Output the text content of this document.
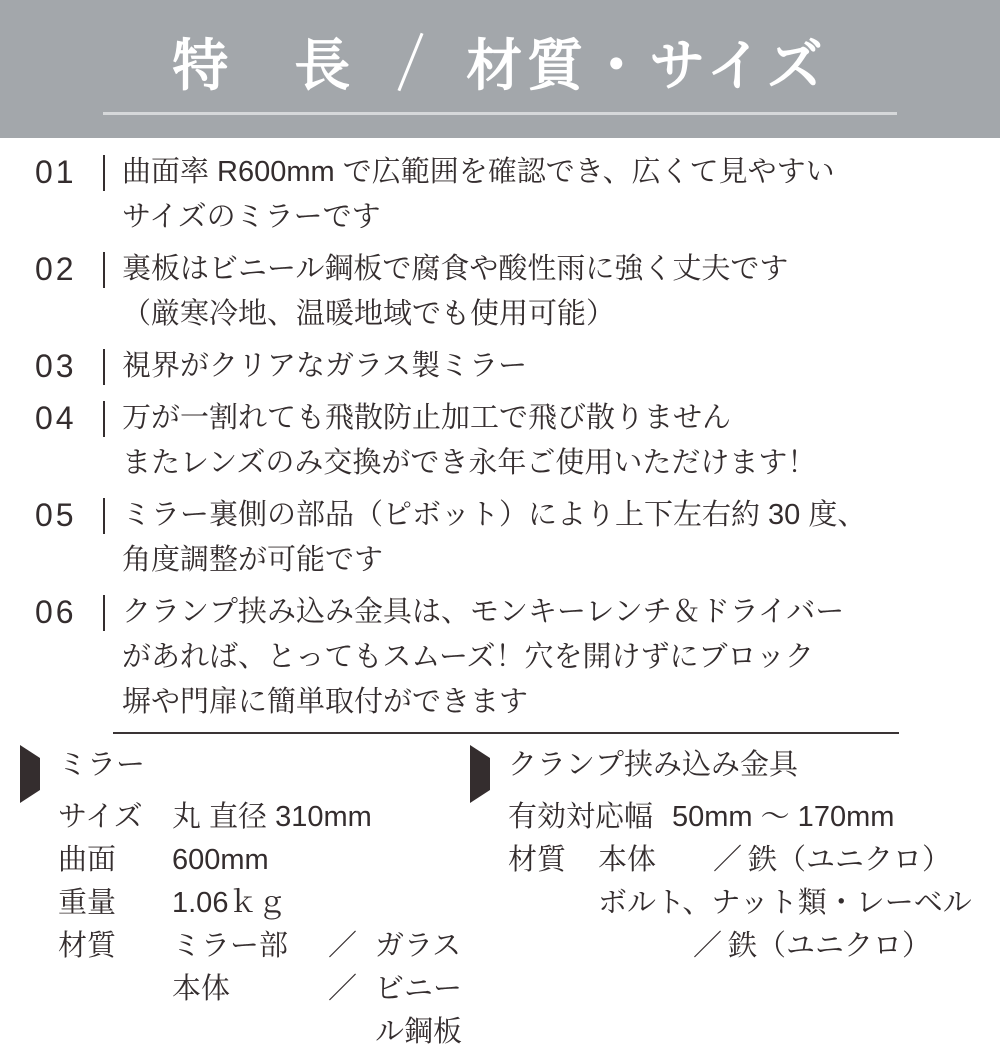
特　長 材質・サイズ
01	曲面率 R600mm で広範囲を確認でき、広くて見やすい
サイズのミラーです
02	裏板はビニール鋼板で腐食や酸性雨に強く丈夫です
（厳寒冷地、温暖地域でも使用可能）
03	視界がクリアなガラス製ミラー
04	万が一割れても飛散防止加工で飛び散りません
またレンズのみ交換ができ永年ご使用いただけます！
05	ミラー裏側の部品（ピボット）により上下左右約 30 度、
角度調整が可能です
06	クランプ挟み込み金具は、モンキーレンチ＆ドライバー
があれば、とってもスムーズ！穴を開けずにブロック
塀や門扉に簡単取付ができます
ミラー
サイズ	丸 直径 310mm
曲面	600mm
重量	1.06ｋｇ
材質	ミラー部	／ ガラス
本体	／ ビニール鋼板
クランプ挟み込み金具
有効対応幅 50mm ～ 170mm
材質	本体	／ 鉄（ユニクロ）
ボルト、ナット類・レーベル
／ 鉄（ユニクロ）
